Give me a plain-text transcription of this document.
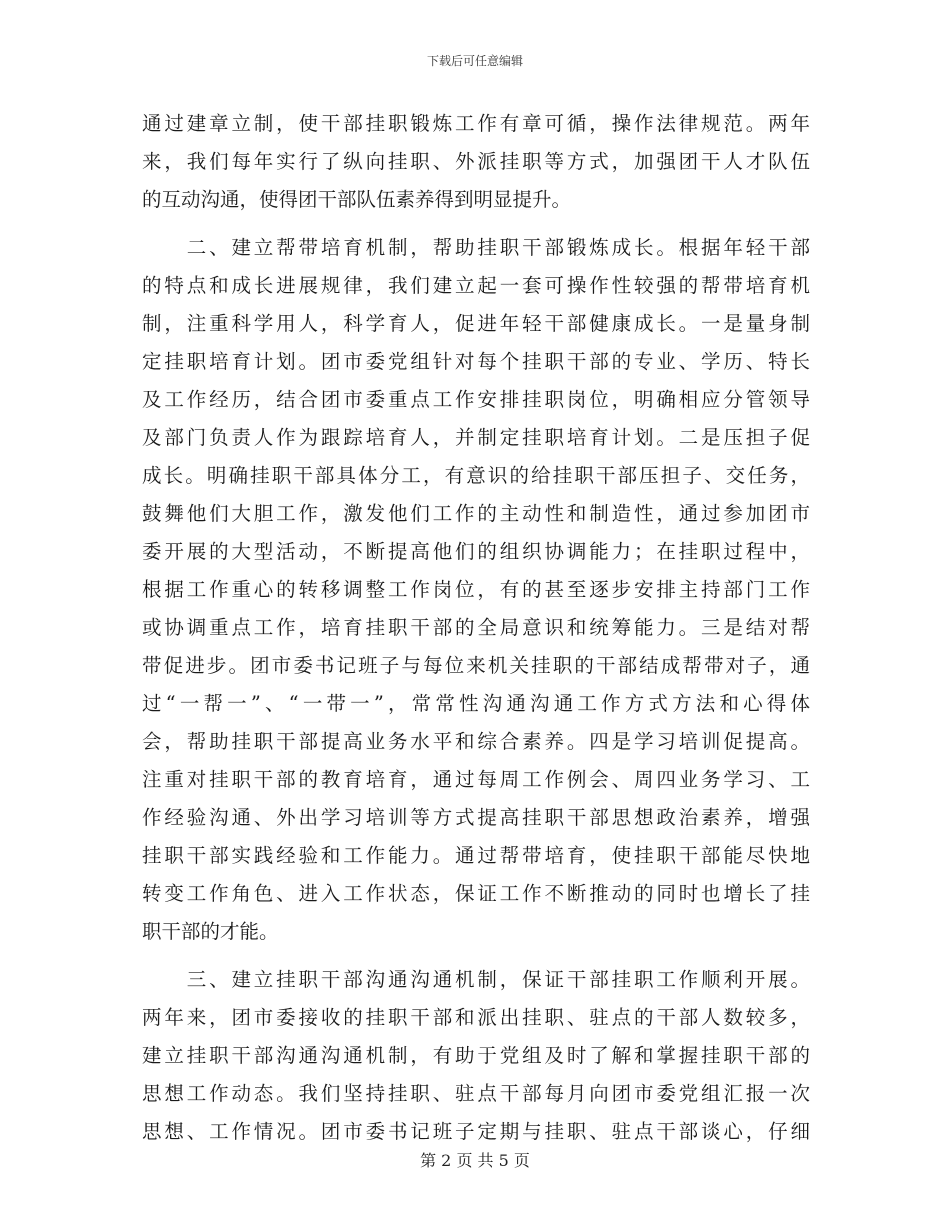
下载后可任意编辑
通过建章立制，使干部挂职锻炼工作有章可循，操作法律规范。两年
来，我们每年实行了纵向挂职、外派挂职等方式，加强团干人才队伍
的互动沟通，使得团干部队伍素养得到明显提升。
　　二、建立帮带培育机制，帮助挂职干部锻炼成长。根据年轻干部
的特点和成长进展规律，我们建立起一套可操作性较强的帮带培育机
制，注重科学用人，科学育人，促进年轻干部健康成长。一是量身制
定挂职培育计划。团市委党组针对每个挂职干部的专业、学历、特长
及工作经历，结合团市委重点工作安排挂职岗位，明确相应分管领导
及部门负责人作为跟踪培育人，并制定挂职培育计划。二是压担子促
成长。明确挂职干部具体分工，有意识的给挂职干部压担子、交任务，
鼓舞他们大胆工作，激发他们工作的主动性和制造性，通过参加团市
委开展的大型活动，不断提高他们的组织协调能力；在挂职过程中，
根据工作重心的转移调整工作岗位，有的甚至逐步安排主持部门工作
或协调重点工作，培育挂职干部的全局意识和统筹能力。三是结对帮
带促进步。团市委书记班子与每位来机关挂职的干部结成帮带对子，通
过“一帮一”、“一带一”，常常性沟通沟通工作方式方法和心得体
会，帮助挂职干部提高业务水平和综合素养。四是学习培训促提高。
注重对挂职干部的教育培育，通过每周工作例会、周四业务学习、工
作经验沟通、外出学习培训等方式提高挂职干部思想政治素养，增强
挂职干部实践经验和工作能力。通过帮带培育，使挂职干部能尽快地
转变工作角色、进入工作状态，保证工作不断推动的同时也增长了挂
职干部的才能。
　　三、建立挂职干部沟通沟通机制，保证干部挂职工作顺利开展。
两年来，团市委接收的挂职干部和派出挂职、驻点的干部人数较多，
建立挂职干部沟通沟通机制，有助于党组及时了解和掌握挂职干部的
思想工作动态。我们坚持挂职、驻点干部每月向团市委党组汇报一次
思想、工作情况。团市委书记班子定期与挂职、驻点干部谈心，仔细
第 2 页 共 5 页
